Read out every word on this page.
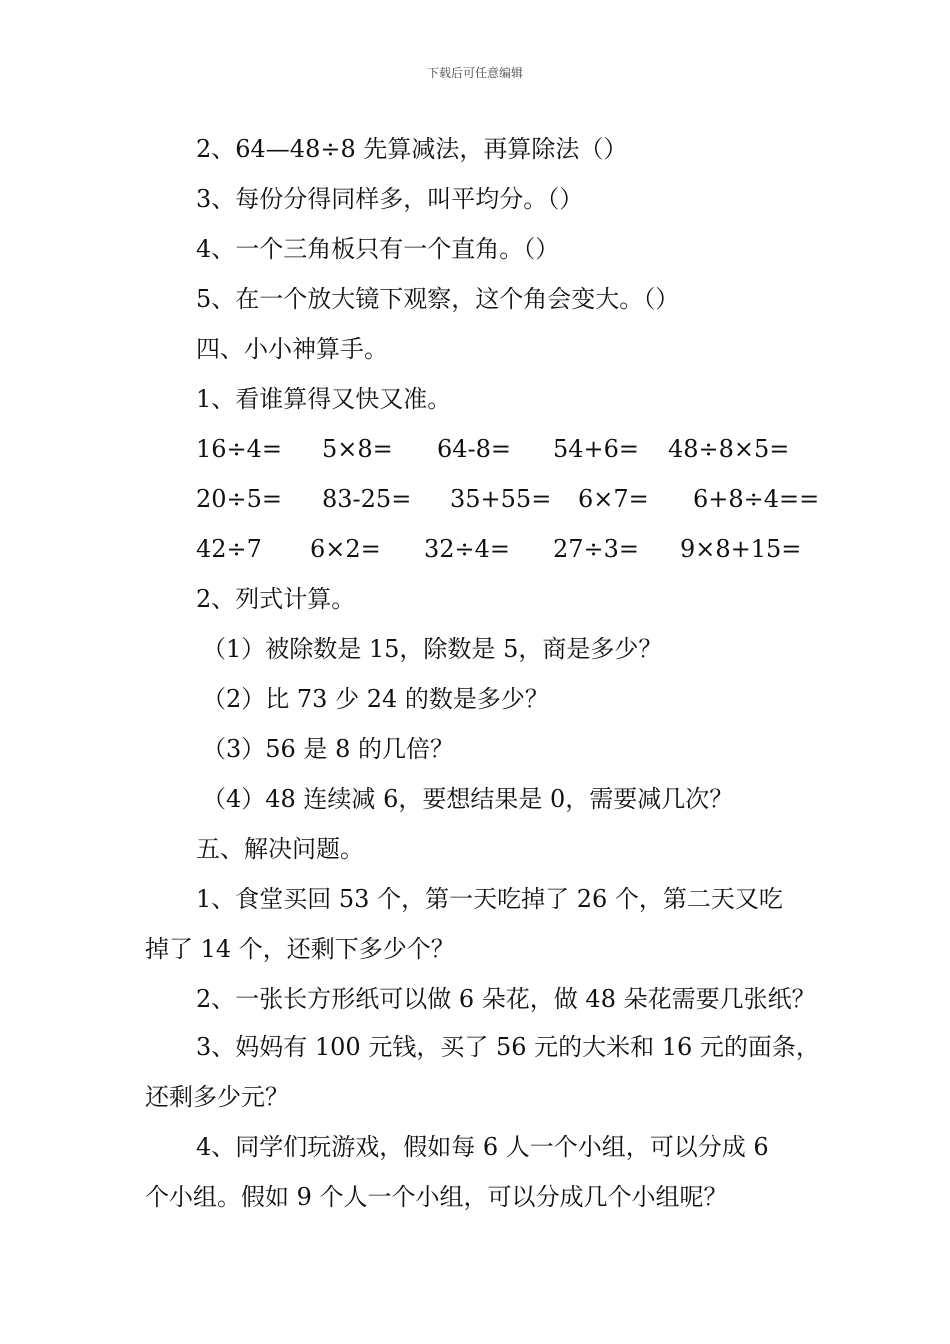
下载后可任意编辑
2、64—48÷8 先算减法，再算除法（）
3、每份分得同样多，叫平均分。（）
4、一个三角板只有一个直角。（）
5、在一个放大镜下观察，这个角会变大。（）
四、小小神算手。
1、看谁算得又快又准。
16÷4= 5×8= 64-8= 54+6= 48÷8×5=
20÷5= 83-25= 35+55= 6×7= 6+8÷4==
42÷7 6×2= 32÷4= 27÷3= 9×8+15=
2、列式计算。
（1）被除数是 15，除数是 5，商是多少？
（2）比 73 少 24 的数是多少？
（3）56 是 8 的几倍？
（4）48 连续减 6，要想结果是 0，需要减几次？
五、解决问题。
1、食堂买回 53 个，第一天吃掉了 26 个，第二天又吃
掉了 14 个，还剩下多少个？
2、一张长方形纸可以做 6 朵花，做 48 朵花需要几张纸？
3、妈妈有 100 元钱，买了 56 元的大米和 16 元的面条，
还剩多少元？
4、同学们玩游戏，假如每 6 人一个小组，可以分成 6
个小组。假如 9 个人一个小组，可以分成几个小组呢？
